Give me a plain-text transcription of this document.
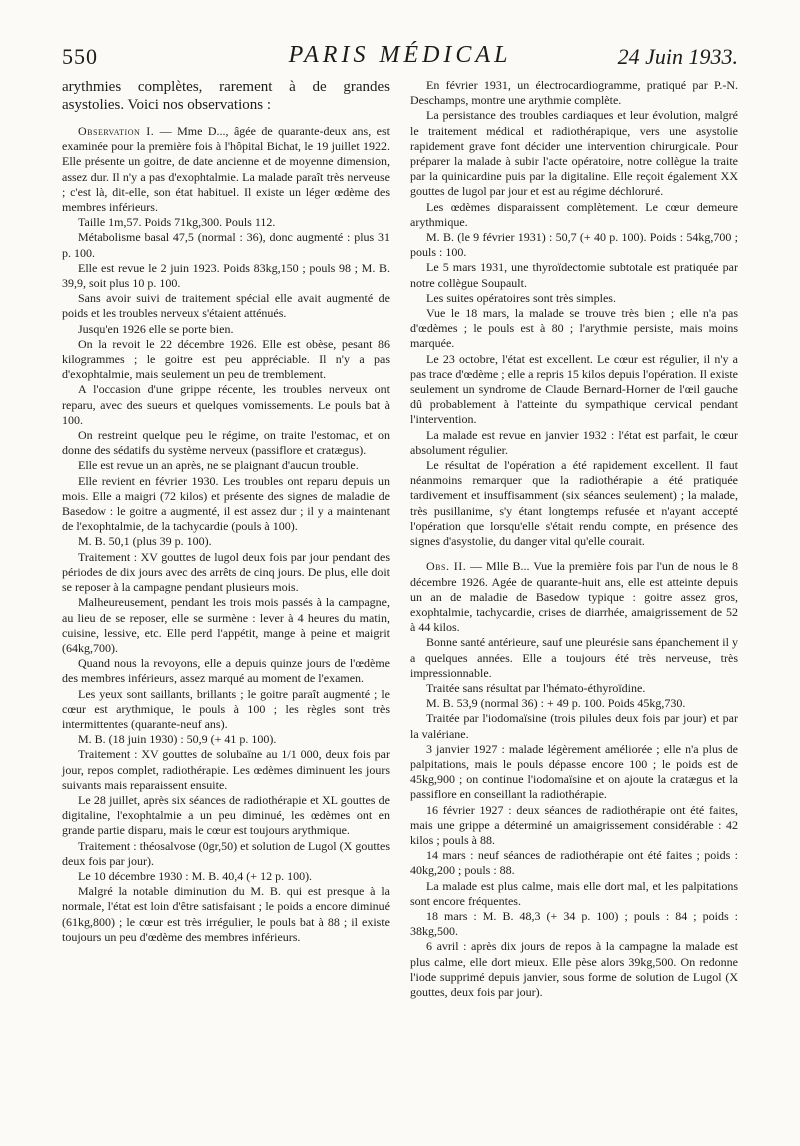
550	PARIS MÉDICAL	24 Juin 1933.

arythmies complètes, rarement à de grandes asystolies. Voici nos observations :

Observation I. — Mme D..., âgée de quarante-deux ans, est examinée pour la première fois à l'hôpital Bichat, le 19 juillet 1922. Elle présente un goitre, de date ancienne et de moyenne dimension, assez dur. Il n'y a pas d'exophtalmie. La malade paraît très nerveuse ; c'est là, dit-elle, son état habituel. Il existe un léger œdème des membres inférieurs.

Taille 1m,57. Poids 71kg,300. Pouls 112.

Métabolisme basal 47,5 (normal : 36), donc augmenté : plus 31 p. 100.

Elle est revue le 2 juin 1923. Poids 83kg,150 ; pouls 98 ; M. B. 39,9, soit plus 10 p. 100.

Sans avoir suivi de traitement spécial elle avait augmenté de poids et les troubles nerveux s'étaient atténués.

Jusqu'en 1926 elle se porte bien.

On la revoit le 22 décembre 1926. Elle est obèse, pesant 86 kilogrammes ; le goitre est peu appréciable. Il n'y a pas d'exophtalmie, mais seulement un peu de tremblement.

A l'occasion d'une grippe récente, les troubles nerveux ont reparu, avec des sueurs et quelques vomissements. Le pouls bat à 100.

On restreint quelque peu le régime, on traite l'estomac, et on donne des sédatifs du système nerveux (passiflore et cratægus).

Elle est revue un an après, ne se plaignant d'aucun trouble.

Elle revient en février 1930. Les troubles ont reparu depuis un mois. Elle a maigri (72 kilos) et présente des signes de maladie de Basedow : le goitre a augmenté, il est assez dur ; il y a maintenant de l'exophtalmie, de la tachycardie (pouls à 100).

M. B. 50,1 (plus 39 p. 100).

Traitement : XV gouttes de lugol deux fois par jour pendant des périodes de dix jours avec des arrêts de cinq jours. De plus, elle doit se reposer à la campagne pendant plusieurs mois.

Malheureusement, pendant les trois mois passés à la campagne, au lieu de se reposer, elle se surmène : lever à 4 heures du matin, cuisine, lessive, etc. Elle perd l'appétit, mange à peine et maigrit (64kg,700).

Quand nous la revoyons, elle a depuis quinze jours de l'œdème des membres inférieurs, assez marqué au moment de l'examen.

Les yeux sont saillants, brillants ; le goitre paraît augmenté ; le cœur est arythmique, le pouls à 100 ; les règles sont très intermittentes (quarante-neuf ans).

M. B. (18 juin 1930) : 50,9 (+ 41 p. 100).

Traitement : XV gouttes de solubaïne au 1/1 000, deux fois par jour, repos complet, radiothérapie. Les œdèmes diminuent les jours suivants mais reparaissent ensuite.

Le 28 juillet, après six séances de radiothérapie et XL gouttes de digitaline, l'exophtalmie a un peu diminué, les œdèmes ont en grande partie disparu, mais le cœur est toujours arythmique.

Traitement : théosalvose (0gr,50) et solution de Lugol (X gouttes deux fois par jour).

Le 10 décembre 1930 : M. B. 40,4 (+ 12 p. 100).

Malgré la notable diminution du M. B. qui est presque à la normale, l'état est loin d'être satisfaisant ; le poids a encore diminué (61kg,800) ; le cœur est très irrégulier, le pouls bat à 88 ; il existe toujours un peu d'œdème des membres inférieurs.

En février 1931, un électrocardiogramme, pratiqué par P.-N. Deschamps, montre une arythmie complète.

La persistance des troubles cardiaques et leur évolution, malgré le traitement médical et radiothérapique, vers une asystolie rapidement grave font décider une intervention chirurgicale. Pour préparer la malade à subir l'acte opératoire, notre collègue la traite par la quinicardine puis par la digitaline. Elle reçoit également XX gouttes de lugol par jour et est au régime déchloruré.

Les œdèmes disparaissent complètement. Le cœur demeure arythmique.

M. B. (le 9 février 1931) : 50,7 (+ 40 p. 100). Poids : 54kg,700 ; pouls : 100.

Le 5 mars 1931, une thyroïdectomie subtotale est pratiquée par notre collègue Soupault.

Les suites opératoires sont très simples.

Vue le 18 mars, la malade se trouve très bien ; elle n'a pas d'œdèmes ; le pouls est à 80 ; l'arythmie persiste, mais moins marquée.

Le 23 octobre, l'état est excellent. Le cœur est régulier, il n'y a pas trace d'œdème ; elle a repris 15 kilos depuis l'opération. Il existe seulement un syndrome de Claude Bernard-Horner de l'œil gauche dû probablement à l'atteinte du sympathique cervical pendant l'intervention.

La malade est revue en janvier 1932 : l'état est parfait, le cœur absolument régulier.

Le résultat de l'opération a été rapidement excellent. Il faut néanmoins remarquer que la radiothérapie a été pratiquée tardivement et insuffisamment (six séances seulement) ; la malade, très pusillanime, s'y étant longtemps refusée et n'ayant accepté l'opération que lorsqu'elle s'était rendu compte, en présence des signes d'asystolie, du danger vital qu'elle courait.

Obs. II. — Mlle B... Vue la première fois par l'un de nous le 8 décembre 1926. Agée de quarante-huit ans, elle est atteinte depuis un an de maladie de Basedow typique : goitre assez gros, exophtalmie, tachycardie, crises de diarrhée, amaigrissement de 52 à 44 kilos.

Bonne santé antérieure, sauf une pleurésie sans épanchement il y a quelques années. Elle a toujours été très nerveuse, très impressionnable.

Traitée sans résultat par l'hémato-éthyroïdine.

M. B. 53,9 (normal 36) : + 49 p. 100. Poids 45kg,730.

Traitée par l'iodomaïsine (trois pilules deux fois par jour) et par la valériane.

3 janvier 1927 : malade légèrement améliorée ; elle n'a plus de palpitations, mais le pouls dépasse encore 100 ; le poids est de 45kg,900 ; on continue l'iodomaïsine et on ajoute la cratægus et la passiflore en conseillant la radiothérapie.

16 février 1927 : deux séances de radiothérapie ont été faites, mais une grippe a déterminé un amaigrissement considérable : 42 kilos ; pouls à 88.

14 mars : neuf séances de radiothérapie ont été faites ; poids : 40kg,200 ; pouls : 88.

La malade est plus calme, mais elle dort mal, et les palpitations sont encore fréquentes.

18 mars : M. B. 48,3 (+ 34 p. 100) ; pouls : 84 ; poids : 38kg,500.

6 avril : après dix jours de repos à la campagne la malade est plus calme, elle dort mieux. Elle pèse alors 39kg,500. On redonne l'iode supprimé depuis janvier, sous forme de solution de Lugol (X gouttes, deux fois par jour).
